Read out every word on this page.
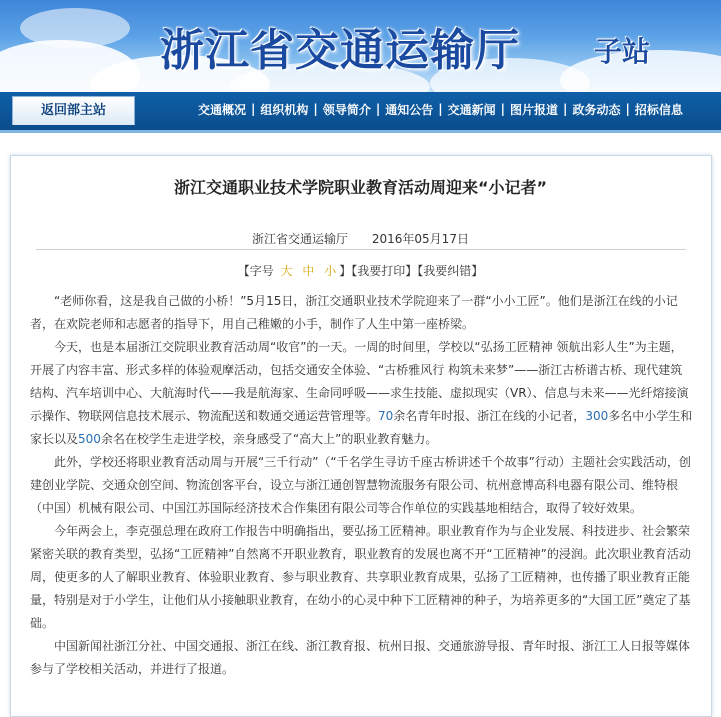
浙江省交通运输厅	子站
返回部主站	交通概况 | 组织机构 | 领导简介 | 通知公告 | 交通新闻 | 图片报道 | 政务动态 | 招标信息
浙江交通职业技术学院职业教育活动周迎来“小记者”
浙江省交通运输厅 2016年05月17日
【字号 大 中 小 】【我要打印】【我要纠错】

“老师你看，这是我自己做的小桥！”5月15日，浙江交通职业技术学院迎来了一群“小小工匠”。他们是浙江在线的小记者，在欢院老师和志愿者的指导下，用自己稚嫩的小手，制作了人生中第一座桥梁。

今天，也是本届浙江交院职业教育活动周“收官”的一天。一周的时间里，学校以“弘扬工匠精神 领航出彩人生”为主题，开展了内容丰富、形式多样的体验观摩活动，包括交通安全体验、“古桥雅风行 构筑未来梦”——浙江古桥谱古桥、现代建筑结构、汽车培训中心、大航海时代——我是航海家、生命同呼吸——求生技能、虚拟现实（VR）、信息与未来——光纤熔接演示操作、物联网信息技术展示、物流配送和数通交通运营管理等。70余名青年时报、浙江在线的小记者，300多名中小学生和家长以及500余名在校学生走进学校，亲身感受了“高大上”的职业教育魅力。

此外，学校还将职业教育活动周与开展“三千行动”（“千名学生寻访千座古桥讲述千个故事”行动）主题社会实践活动，创建创业学院、交通众创空间、物流创客平台，设立与浙江通创智慧物流服务有限公司、杭州意博高科电器有限公司、维特根（中国）机械有限公司、中国江苏国际经济技术合作集团有限公司等合作单位的实践基地相结合，取得了较好效果。

今年两会上，李克强总理在政府工作报告中明确指出，要弘扬工匠精神。职业教育作为与企业发展、科技进步、社会繁荣紧密关联的教育类型，弘扬“工匠精神”自然离不开职业教育，职业教育的发展也离不开“工匠精神”的浸润。此次职业教育活动周，使更多的人了解职业教育、体验职业教育、参与职业教育、共享职业教育成果，弘扬了工匠精神，也传播了职业教育正能量，特别是对于小学生，让他们从小接触职业教育，在幼小的心灵中种下工匠精神的种子，为培养更多的“大国工匠”奠定了基础。

中国新闻社浙江分社、中国交通报、浙江在线、浙江教育报、杭州日报、交通旅游导报、青年时报、浙江工人日报等媒体参与了学校相关活动，并进行了报道。
